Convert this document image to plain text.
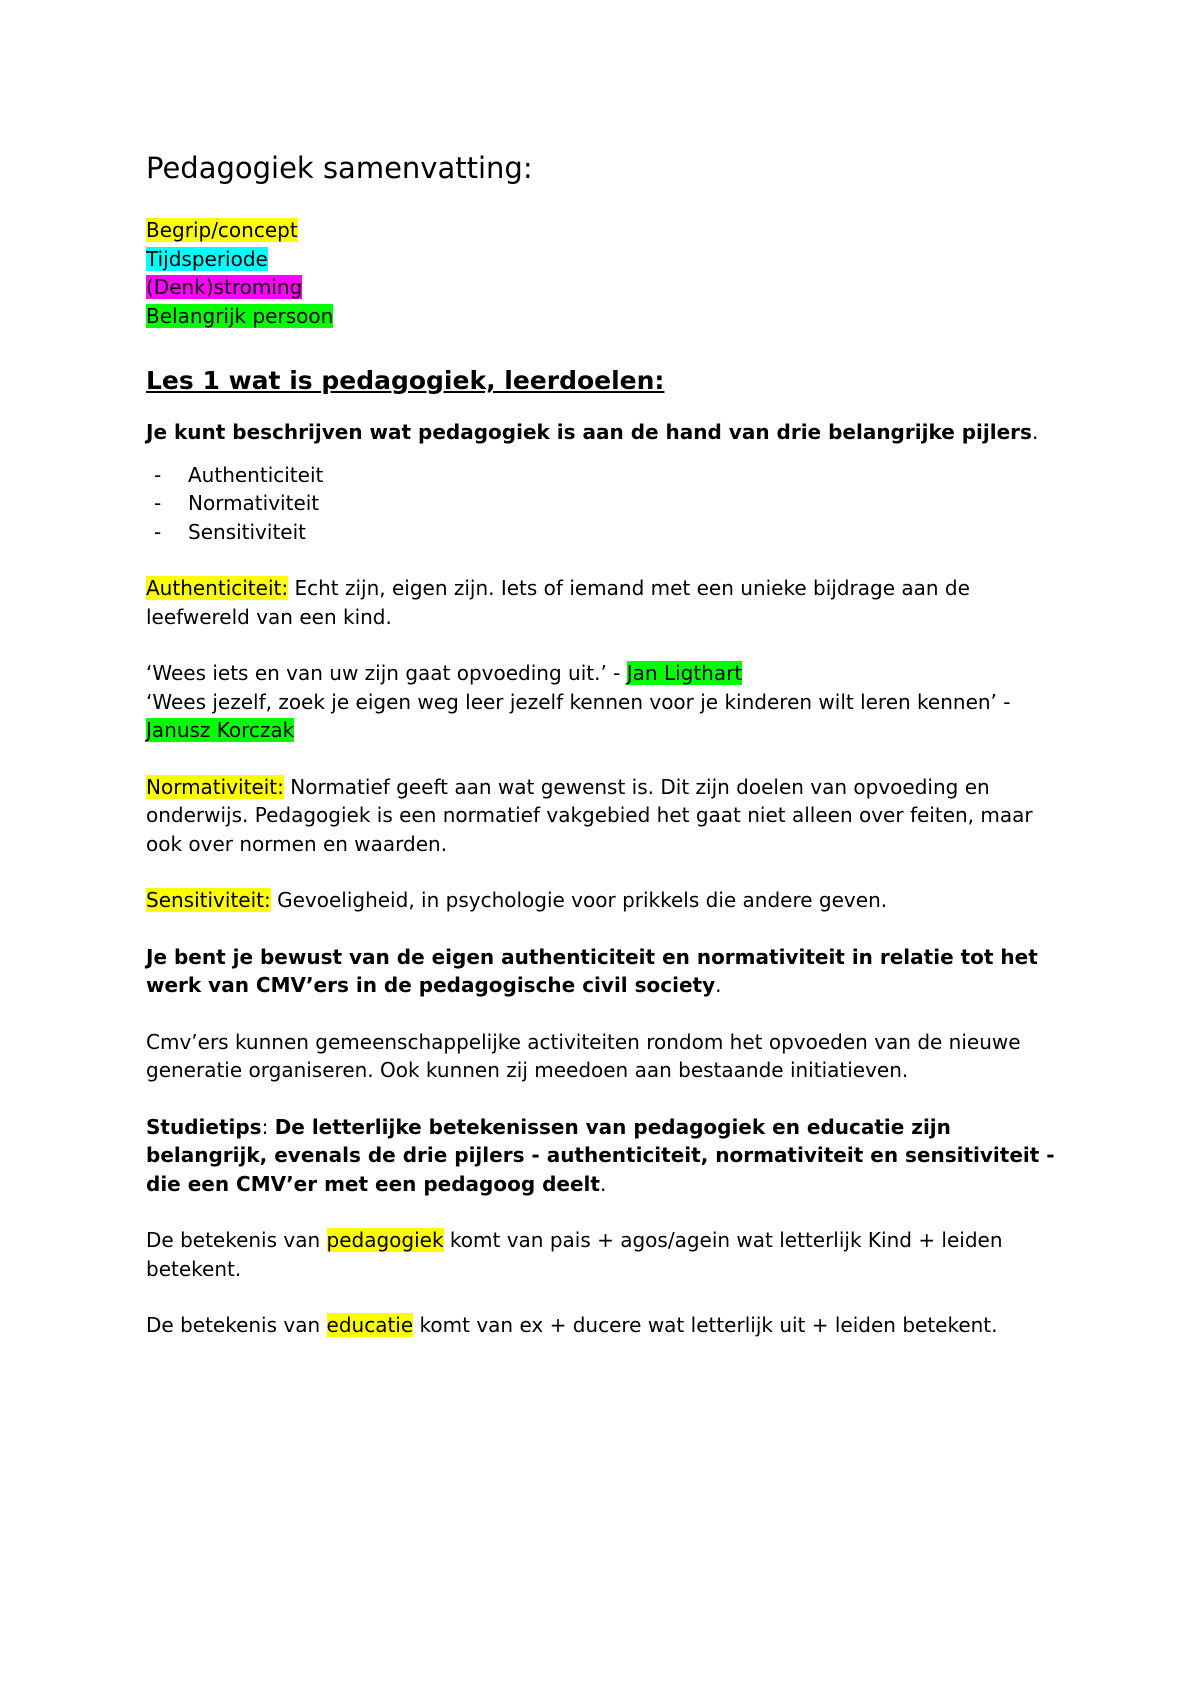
Pedagogiek samenvatting:

Begrip/concept

Tijdsperiode

(Denk)stroming

Belangrijk persoon

Les 1 wat is pedagogiek, leerdoelen:

Je kunt beschrijven wat pedagogiek is aan de hand van drie belangrijke pijlers.

- Authenticiteit
- Normativiteit
- Sensitiviteit

Authenticiteit: Echt zijn, eigen zijn. Iets of iemand met een unieke bijdrage aan de leefwereld van een kind.

‘Wees iets en van uw zijn gaat opvoeding uit.’ - Jan Ligthart

‘Wees jezelf, zoek je eigen weg leer jezelf kennen voor je kinderen wilt leren kennen’ - Janusz Korczak

Normativiteit: Normatief geeft aan wat gewenst is. Dit zijn doelen van opvoeding en onderwijs. Pedagogiek is een normatief vakgebied het gaat niet alleen over feiten, maar ook over normen en waarden.

Sensitiviteit: Gevoeligheid, in psychologie voor prikkels die andere geven.

Je bent je bewust van de eigen authenticiteit en normativiteit in relatie tot het werk van CMV’ers in de pedagogische civil society.

Cmv’ers kunnen gemeenschappelijke activiteiten rondom het opvoeden van de nieuwe generatie organiseren. Ook kunnen zij meedoen aan bestaande initiatieven.

Studietips: De letterlijke betekenissen van pedagogiek en educatie zijn belangrijk, evenals de drie pijlers - authenticiteit, normativiteit en sensitiviteit - die een CMV’er met een pedagoog deelt.

De betekenis van pedagogiek komt van pais + agos/agein wat letterlijk Kind + leiden betekent.

De betekenis van educatie komt van ex + ducere wat letterlijk uit + leiden betekent.
